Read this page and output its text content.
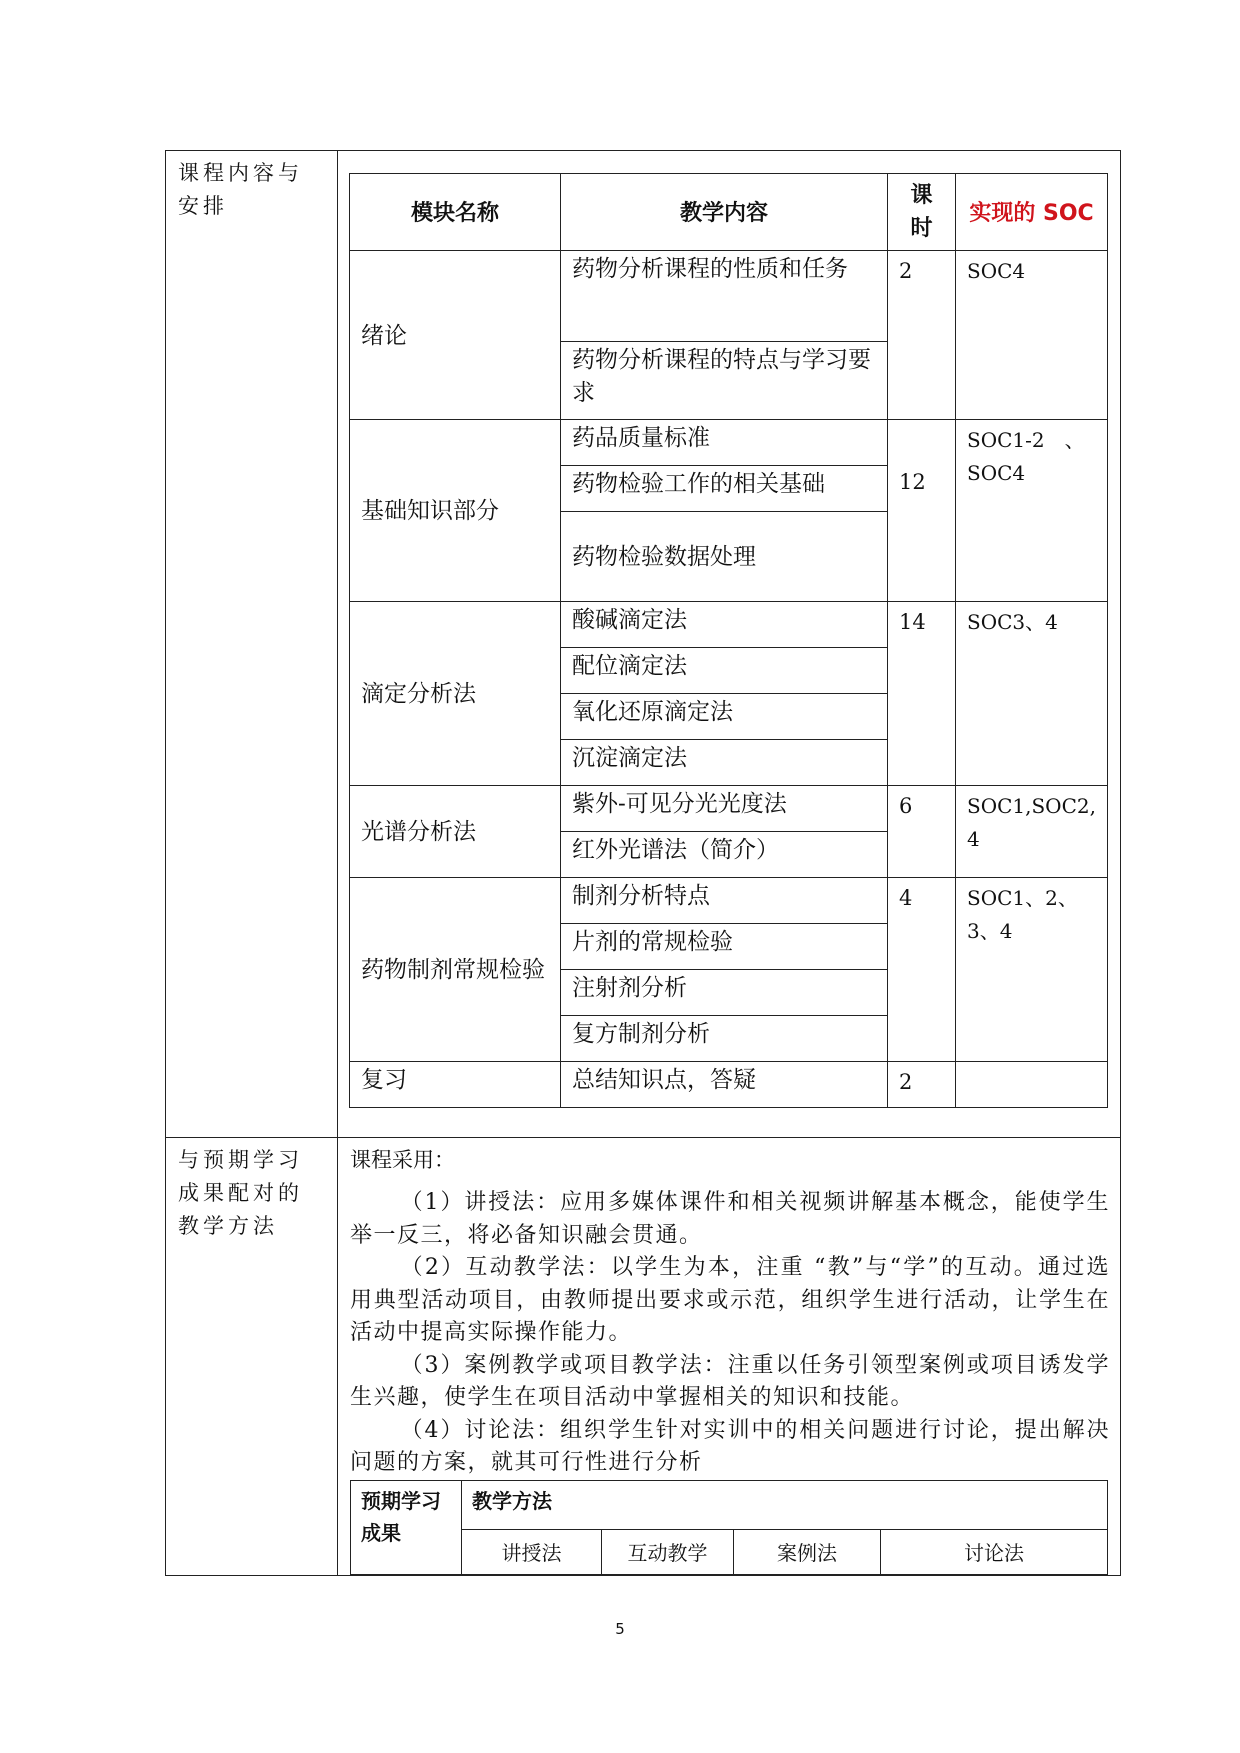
课程内容与安排
		模块名称	教学内容	课时	实现的 SOC
绪论	药物分析课程的性质和任务	2	SOC4
药物分析课程的特点与学习要求
基础知识部分	药品质量标准	12	SOC1-2　、SOC4
药物检验工作的相关基础
药物检验数据处理
滴定分析法	酸碱滴定法	14	SOC3、4
配位滴定法
氧化还原滴定法
沉淀滴定法
光谱分析法	紫外-可见分光光度法	6	SOC1,SOC2,4
红外光谱法（简介）
药物制剂常规检验	制剂分析特点	4	SOC1、2、3、4
片剂的常规检验
注射剂分析
复方制剂分析
复习	总结知识点，答疑	2	

与预期学习成果配对的教学方法

课程采用：

（1）讲授法：应用多媒体课件和相关视频讲解基本概念，能使学生举一反三，将必备知识融会贯通。

（2）互动教学法：以学生为本，注重 “教”与“学”的互动。通过选用典型活动项目，由教师提出要求或示范，组织学生进行活动，让学生在活动中提高实际操作能力。

（3）案例教学或项目教学法：注重以任务引领型案例或项目诱发学生兴趣，使学生在项目活动中掌握相关的知识和技能。

（4）讨论法：组织学生针对实训中的相关问题进行讨论，提出解决问题的方案，就其可行性进行分析

预期学习成果	教学方法
讲授法	互动教学	案例法	讨论法
5
